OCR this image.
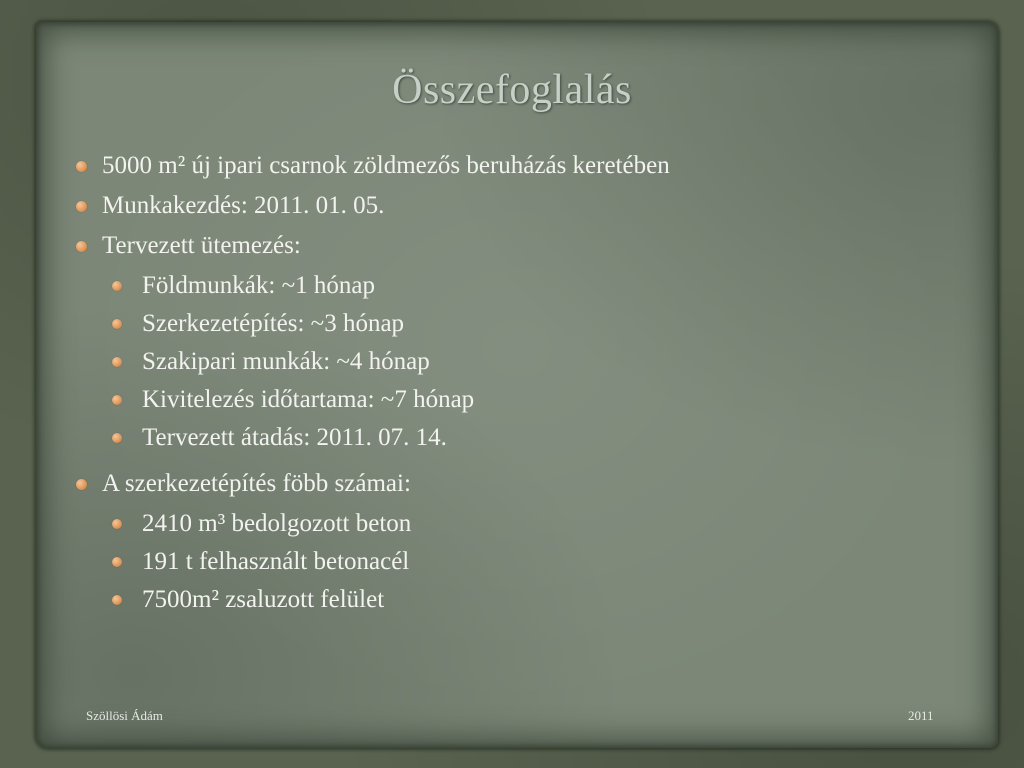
Összefoglalás
5000 m² új ipari csarnok zöldmezős beruházás keretében
Munkakezdés: 2011. 01. 05.
Tervezett ütemezés:
Földmunkák: ~1 hónap
Szerkezetépítés: ~3 hónap
Szakipari munkák: ~4 hónap
Kivitelezés időtartama: ~7 hónap
Tervezett átadás: 2011. 07. 14.
A szerkezetépítés föbb számai:
2410 m³ bedolgozott beton
191 t felhasznált betonacél
7500m² zsaluzott felület
Szöllösi Ádám	2011
